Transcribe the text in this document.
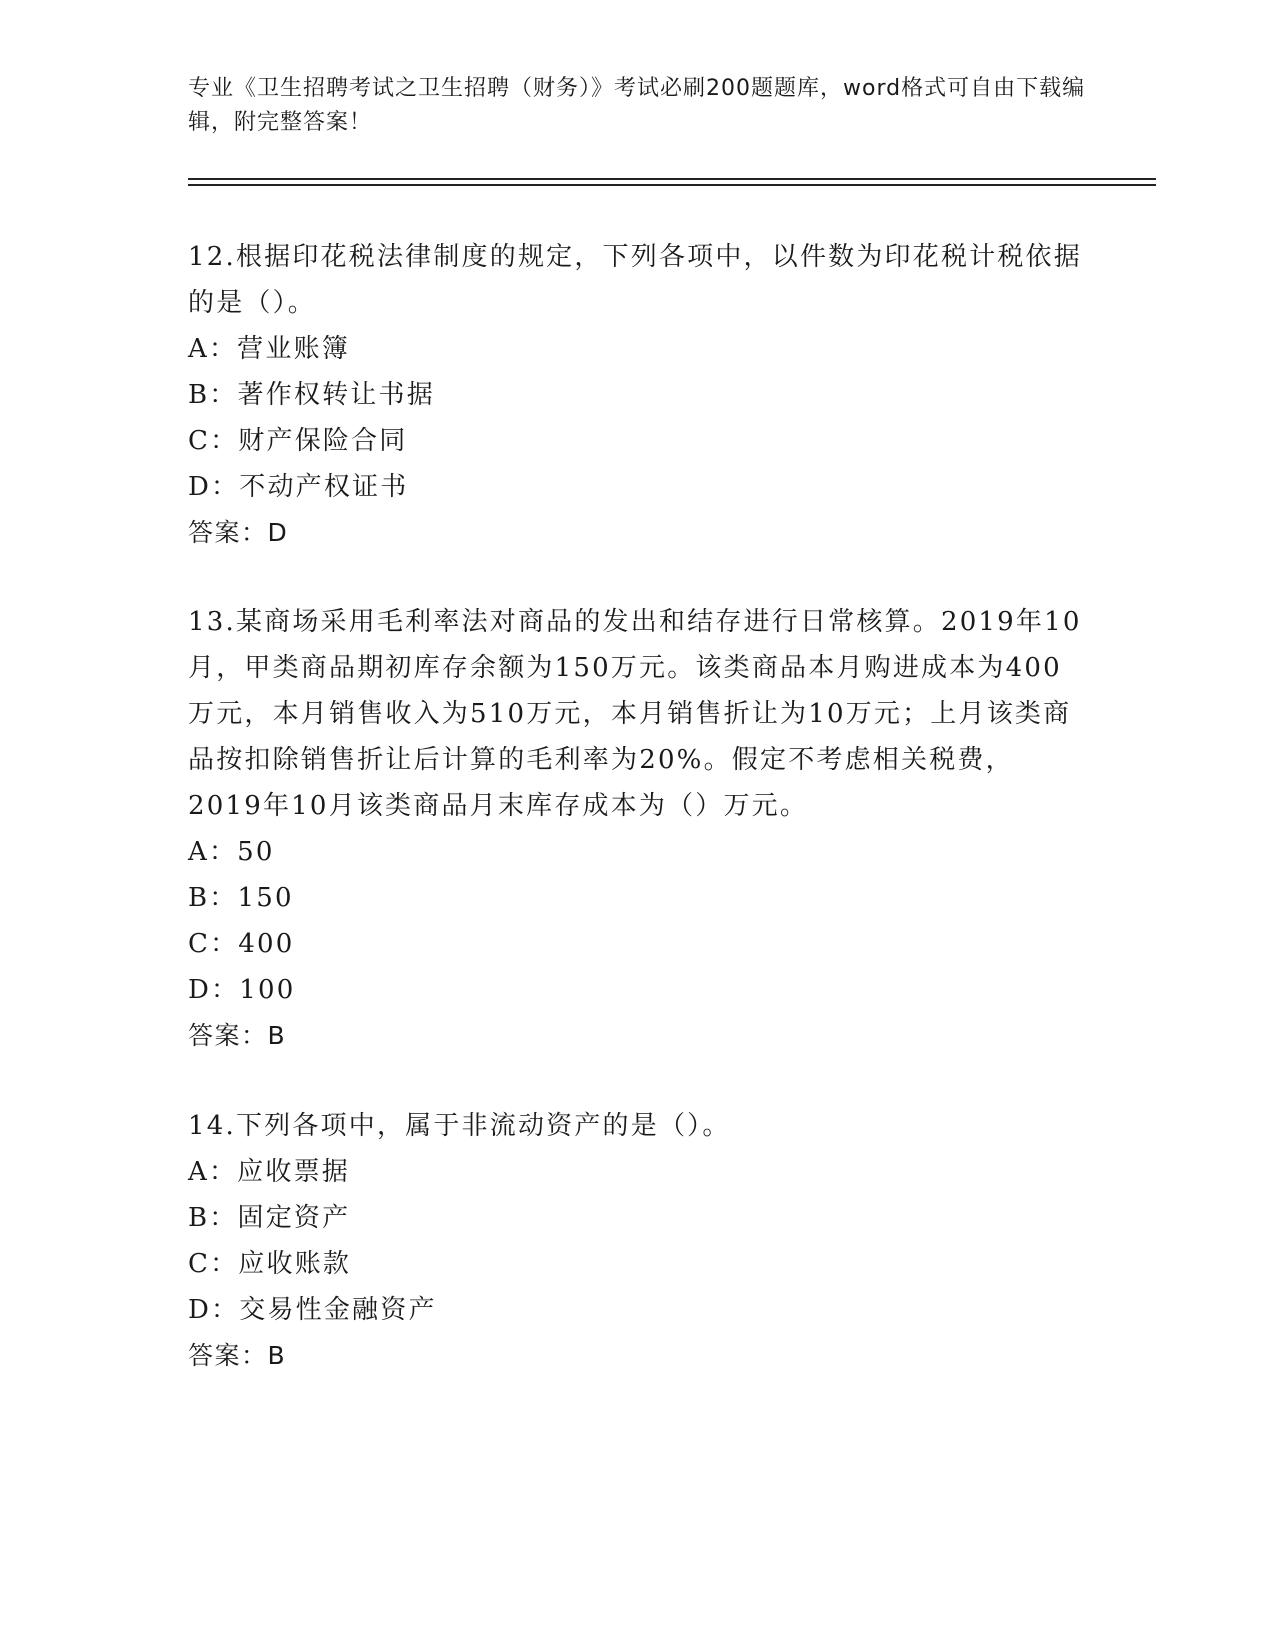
专业《卫生招聘考试之卫生招聘（财务）》考试必刷200题题库，word格式可自由下载编辑，附完整答案！

12.根据印花税法律制度的规定，下列各项中，以件数为印花税计税依据的是（）。

A：营业账簿

B：著作权转让书据

C：财产保险合同

D：不动产权证书

答案：D

13.某商场采用毛利率法对商品的发出和结存进行日常核算。2019年10月，甲类商品期初库存余额为150万元。该类商品本月购进成本为400万元，本月销售收入为510万元，本月销售折让为10万元；上月该类商品按扣除销售折让后计算的毛利率为20%。假定不考虑相关税费，2019年10月该类商品月末库存成本为（）万元。

A：50

B：150

C：400

D：100

答案：B

14.下列各项中，属于非流动资产的是（）。

A：应收票据

B：固定资产

C：应收账款

D：交易性金融资产

答案：B
